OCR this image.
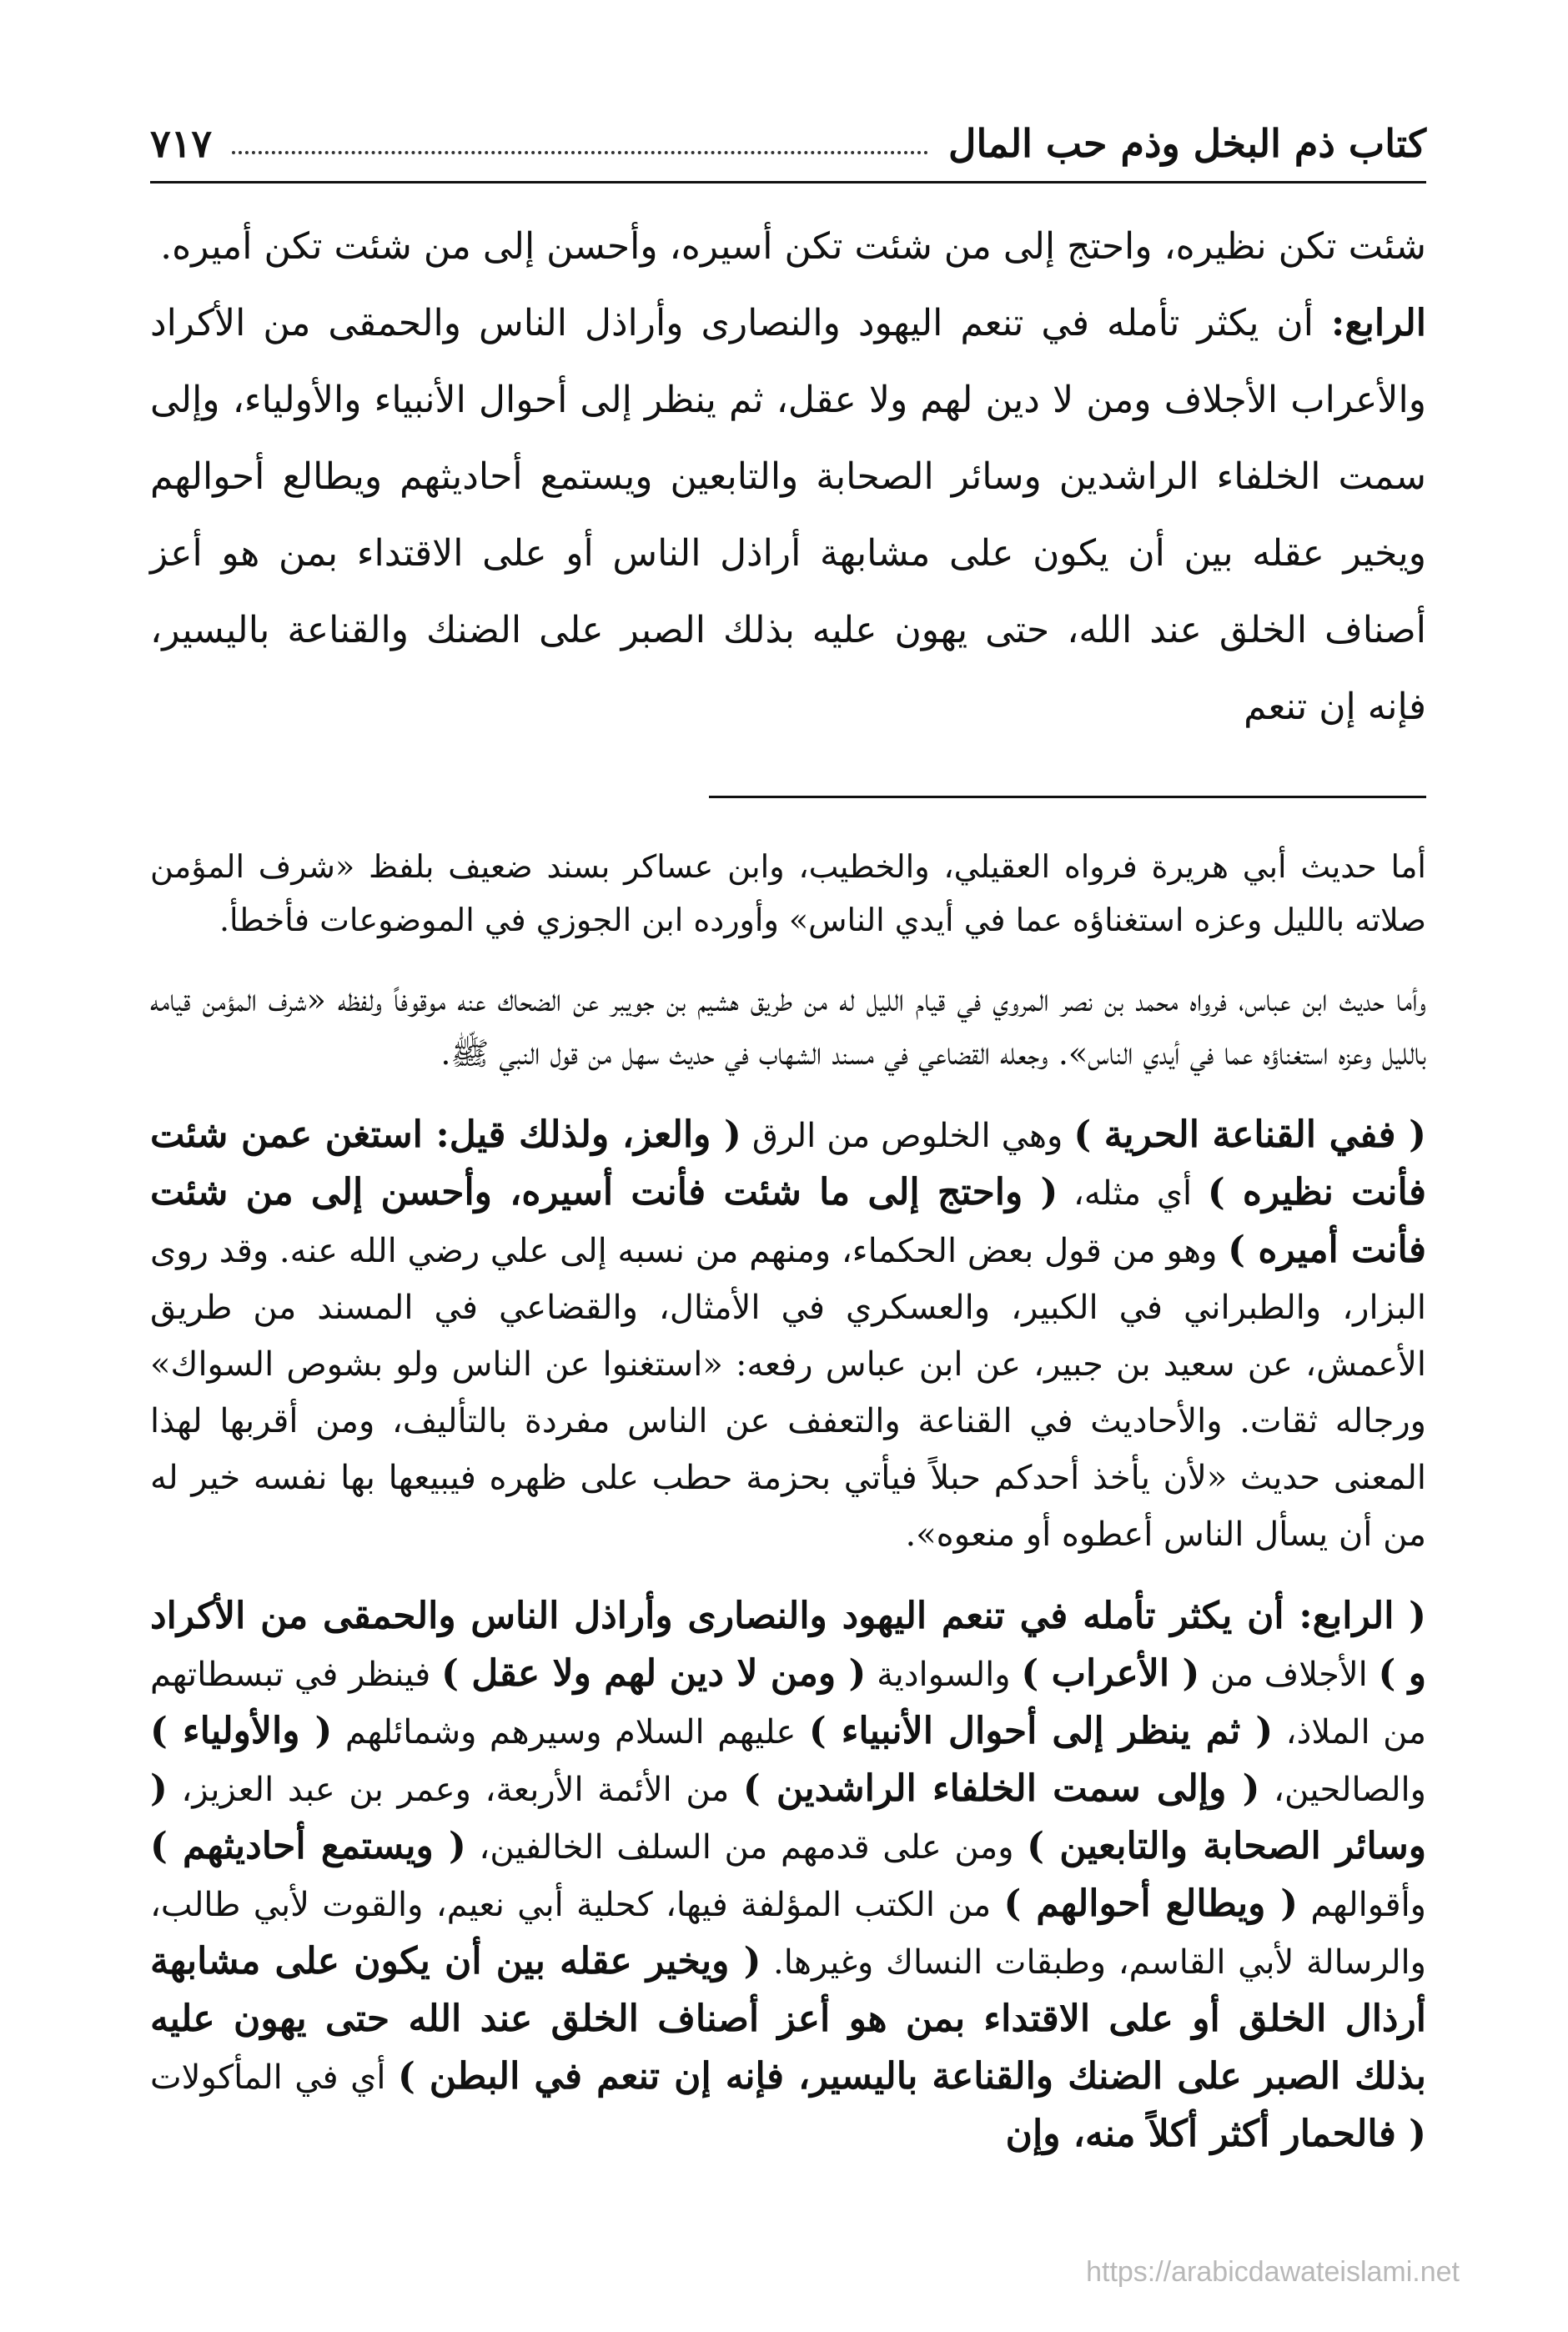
كتاب ذم البخل وذم حب المال
٧١٧

شئت تكن نظيره، واحتج إلى من شئت تكن أسيره، وأحسن إلى من شئت تكن أميره.

الرابع: أن يكثر تأمله في تنعم اليهود والنصارى وأراذل الناس والحمقى من الأكراد والأعراب الأجلاف ومن لا دين لهم ولا عقل، ثم ينظر إلى أحوال الأنبياء والأولياء، وإلى سمت الخلفاء الراشدين وسائر الصحابة والتابعين ويستمع أحاديثهم ويطالع أحوالهم ويخير عقله بين أن يكون على مشابهة أراذل الناس أو على الاقتداء بمن هو أعز أصناف الخلق عند الله، حتى يهون عليه بذلك الصبر على الضنك والقناعة باليسير، فإنه إن تنعم

أما حديث أبي هريرة فرواه العقيلي، والخطيب، وابن عساكر بسند ضعيف بلفظ «شرف المؤمن صلاته بالليل وعزه استغناؤه عما في أيدي الناس» وأورده ابن الجوزي في الموضوعات فأخطأ.

وأما حديث ابن عباس، فرواه محمد بن نصر المروي في قيام الليل له من طريق هشيم بن جويبر عن الضحاك عنه موقوفاً ولفظه «شرف المؤمن قيامه بالليل وعزه استغناؤه عما في أيدي الناس». وجعله القضاعي في مسند الشهاب في حديث سهل من قول النبي ﷺ.

( ففي القناعة الحرية ) وهي الخلوص من الرق ( والعز، ولذلك قيل: استغن عمن شئت فأنت نظيره ) أي مثله، ( واحتج إلى ما شئت فأنت أسيره، وأحسن إلى من شئت فأنت أميره ) وهو من قول بعض الحكماء، ومنهم من نسبه إلى علي رضي الله عنه. وقد روى البزار، والطبراني في الكبير، والعسكري في الأمثال، والقضاعي في المسند من طريق الأعمش، عن سعيد بن جبير، عن ابن عباس رفعه: «استغنوا عن الناس ولو بشوص السواك» ورجاله ثقات. والأحاديث في القناعة والتعفف عن الناس مفردة بالتأليف، ومن أقربها لهذا المعنى حديث «لأن يأخذ أحدكم حبلاً فيأتي بحزمة حطب على ظهره فيبيعها بها نفسه خير له من أن يسأل الناس أعطوه أو منعوه».

( الرابع: أن يكثر تأمله في تنعم اليهود والنصارى وأراذل الناس والحمقى من الأكراد و ) الأجلاف من ( الأعراب ) والسوادية ( ومن لا دين لهم ولا عقل ) فينظر في تبسطاتهم من الملاذ، ( ثم ينظر إلى أحوال الأنبياء ) عليهم السلام وسيرهم وشمائلهم ( والأولياء ) والصالحين، ( وإلى سمت الخلفاء الراشدين ) من الأئمة الأربعة، وعمر بن عبد العزيز، ( وسائر الصحابة والتابعين ) ومن على قدمهم من السلف الخالفين، ( ويستمع أحاديثهم ) وأقوالهم ( ويطالع أحوالهم ) من الكتب المؤلفة فيها، كحلية أبي نعيم، والقوت لأبي طالب، والرسالة لأبي القاسم، وطبقات النساك وغيرها. ( ويخير عقله بين أن يكون على مشابهة أرذال الخلق أو على الاقتداء بمن هو أعز أصناف الخلق عند الله حتى يهون عليه بذلك الصبر على الضنك والقناعة باليسير، فإنه إن تنعم في البطن ) أي في المأكولات ( فالحمار أكثر أكلاً منه، وإن

https://arabicdawateislami.net
